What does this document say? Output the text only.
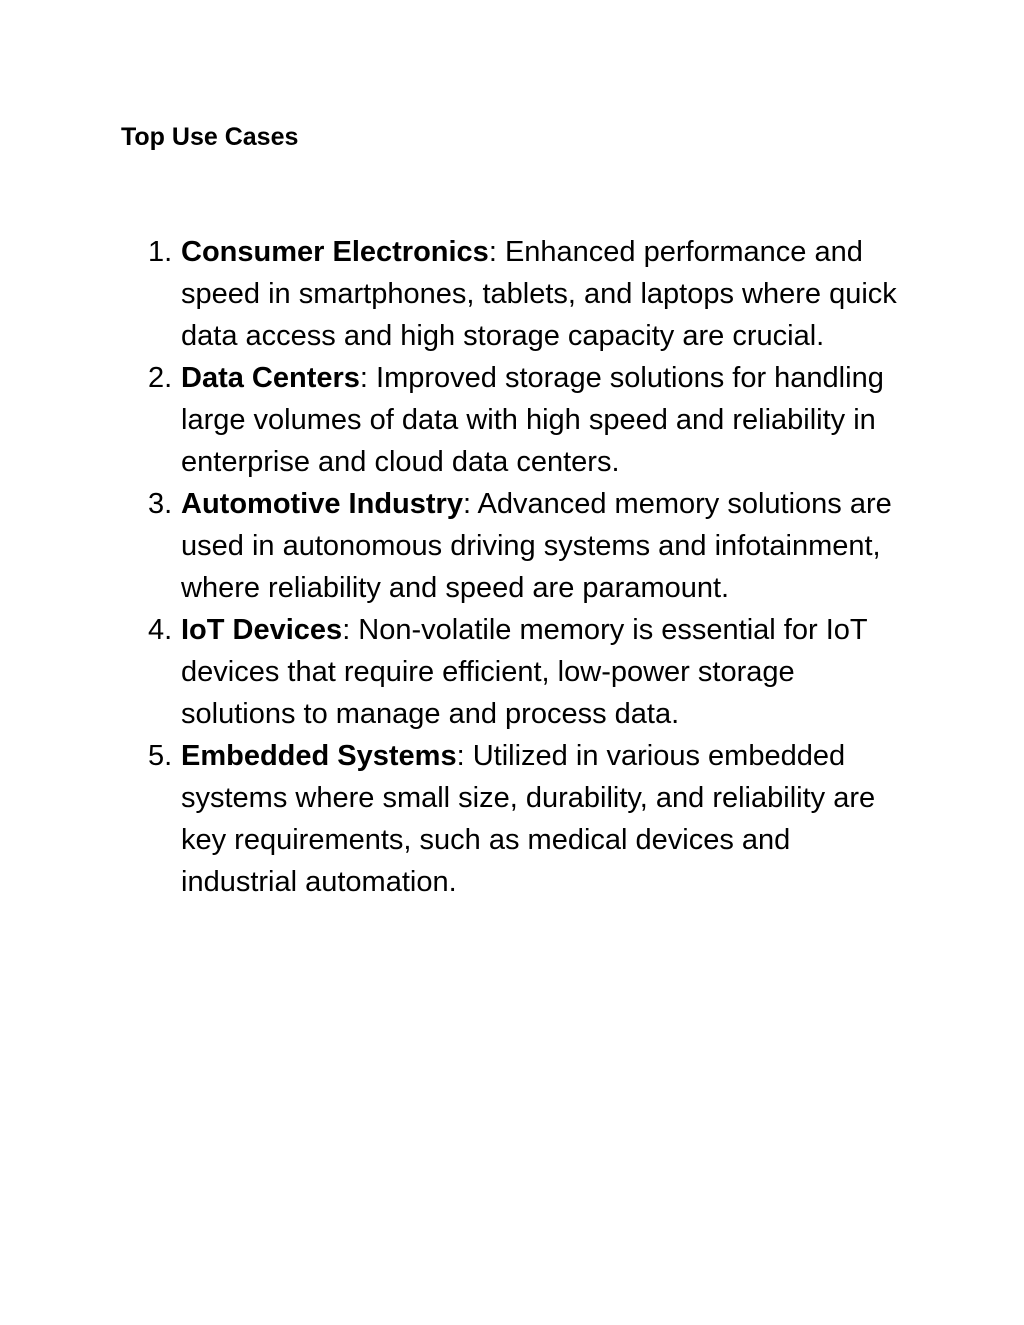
Top Use Cases
1. Consumer Electronics: Enhanced performance and speed in smartphones, tablets, and laptops where quick data access and high storage capacity are crucial.
2. Data Centers: Improved storage solutions for handling large volumes of data with high speed and reliability in enterprise and cloud data centers.
3. Automotive Industry: Advanced memory solutions are used in autonomous driving systems and infotainment, where reliability and speed are paramount.
4. IoT Devices: Non-volatile memory is essential for IoT devices that require efficient, low-power storage solutions to manage and process data.
5. Embedded Systems: Utilized in various embedded systems where small size, durability, and reliability are key requirements, such as medical devices and industrial automation.
